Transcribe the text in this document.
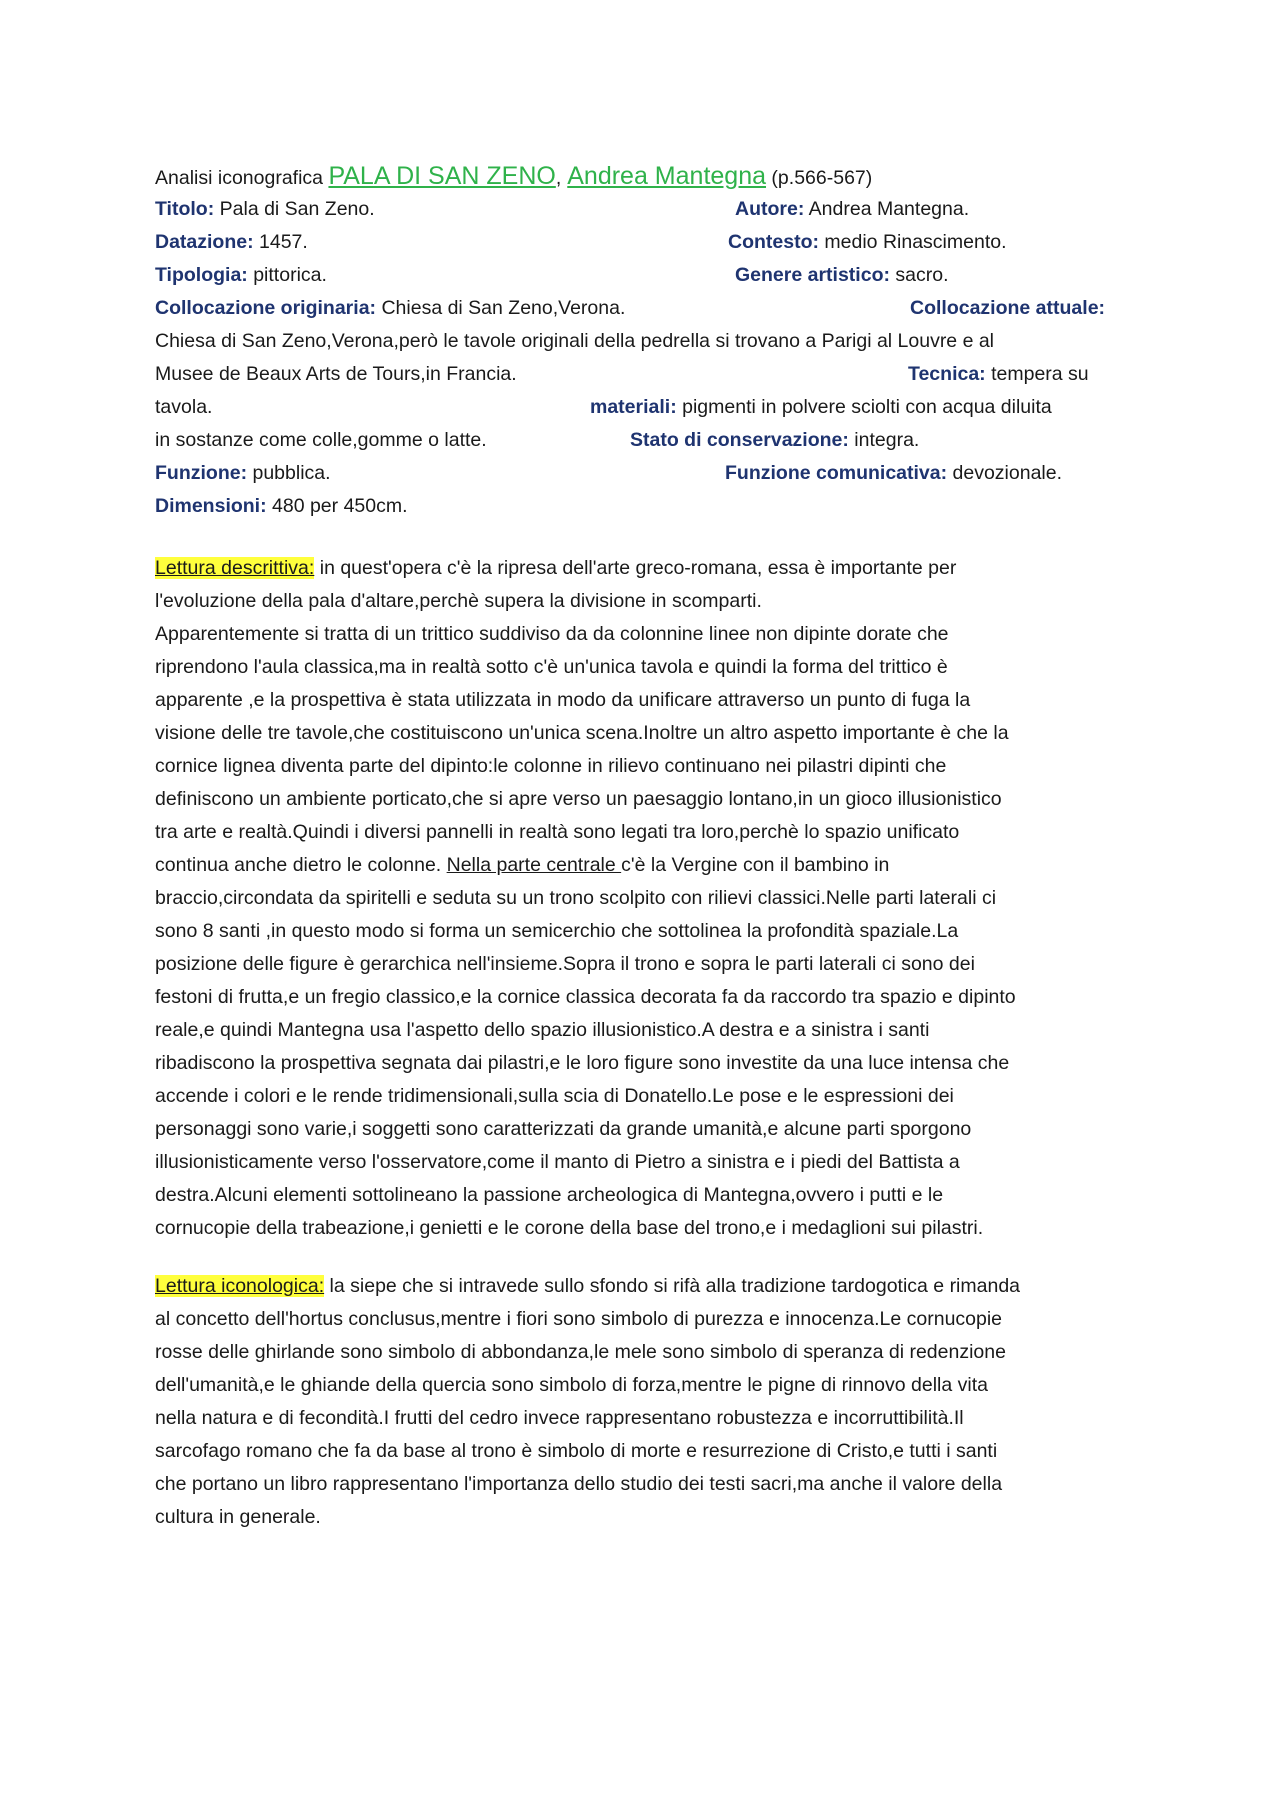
Analisi iconografica PALA DI SAN ZENO, Andrea Mantegna (p.566-567)
Titolo: Pala di San Zeno.	Autore: Andrea Mantegna.
Datazione: 1457.	Contesto: medio Rinascimento.
Tipologia: pittorica.	Genere artistico: sacro.
Collocazione originaria: Chiesa di San Zeno,Verona.	Collocazione attuale:
Chiesa di San Zeno,Verona,però le tavole originali della pedrella si trovano a Parigi al Louvre e al
Musee de Beaux Arts de Tours,in Francia.	Tecnica: tempera su
tavola.	materiali: pigmenti in polvere sciolti con acqua diluita
in sostanze come colle,gomme o latte.	Stato di conservazione: integra.
Funzione: pubblica.	Funzione comunicativa: devozionale.
Dimensioni: 480 per 450cm.
Lettura descrittiva: in quest'opera c'è la ripresa dell'arte greco-romana, essa è importante per
l'evoluzione della pala d'altare,perchè supera la divisione in scomparti.
Apparentemente si tratta di un trittico suddiviso da da colonnine linee non dipinte dorate che
riprendono l'aula classica,ma in realtà sotto c'è un'unica tavola e quindi la forma del trittico è
apparente ,e la prospettiva è stata utilizzata in modo da unificare attraverso un punto di fuga la
visione delle tre tavole,che costituiscono un'unica scena.Inoltre un altro aspetto importante è che la
cornice lignea diventa parte del dipinto:le colonne in rilievo continuano nei pilastri dipinti che
definiscono un ambiente porticato,che si apre verso un paesaggio lontano,in un gioco illusionistico
tra arte e realtà.Quindi i diversi pannelli in realtà sono legati tra loro,perchè lo spazio unificato
continua anche dietro le colonne. Nella parte centrale c'è la Vergine con il bambino in
braccio,circondata da spiritelli e seduta su un trono scolpito con rilievi classici.Nelle parti laterali ci
sono 8 santi ,in questo modo si forma un semicerchio che sottolinea la profondità spaziale.La
posizione delle figure è gerarchica nell'insieme.Sopra il trono e sopra le parti laterali ci sono dei
festoni di frutta,e un fregio classico,e la cornice classica decorata fa da raccordo tra spazio e dipinto
reale,e quindi Mantegna usa l'aspetto dello spazio illusionistico.A destra e a sinistra i santi
ribadiscono la prospettiva segnata dai pilastri,e le loro figure sono investite da una luce intensa che
accende i colori e le rende tridimensionali,sulla scia di Donatello.Le pose e le espressioni dei
personaggi sono varie,i soggetti sono caratterizzati da grande umanità,e alcune parti sporgono
illusionisticamente verso l'osservatore,come il manto di Pietro a sinistra e i piedi del Battista a
destra.Alcuni elementi sottolineano la passione archeologica di Mantegna,ovvero i putti e le
cornucopie della trabeazione,i genietti e le corone della base del trono,e i medaglioni sui pilastri.
Lettura iconologica: la siepe che si intravede sullo sfondo si rifà alla tradizione tardogotica e rimanda
al concetto dell'hortus conclusus,mentre i fiori sono simbolo di purezza e innocenza.Le cornucopie
rosse delle ghirlande sono simbolo di abbondanza,le mele sono simbolo di speranza di redenzione
dell'umanità,e le ghiande della quercia sono simbolo di forza,mentre le pigne di rinnovo della vita
nella natura e di fecondità.I frutti del cedro invece rappresentano robustezza e incorruttibilità.Il
sarcofago romano che fa da base al trono è simbolo di morte e resurrezione di Cristo,e tutti i santi
che portano un libro rappresentano l'importanza dello studio dei testi sacri,ma anche il valore della
cultura in generale.
